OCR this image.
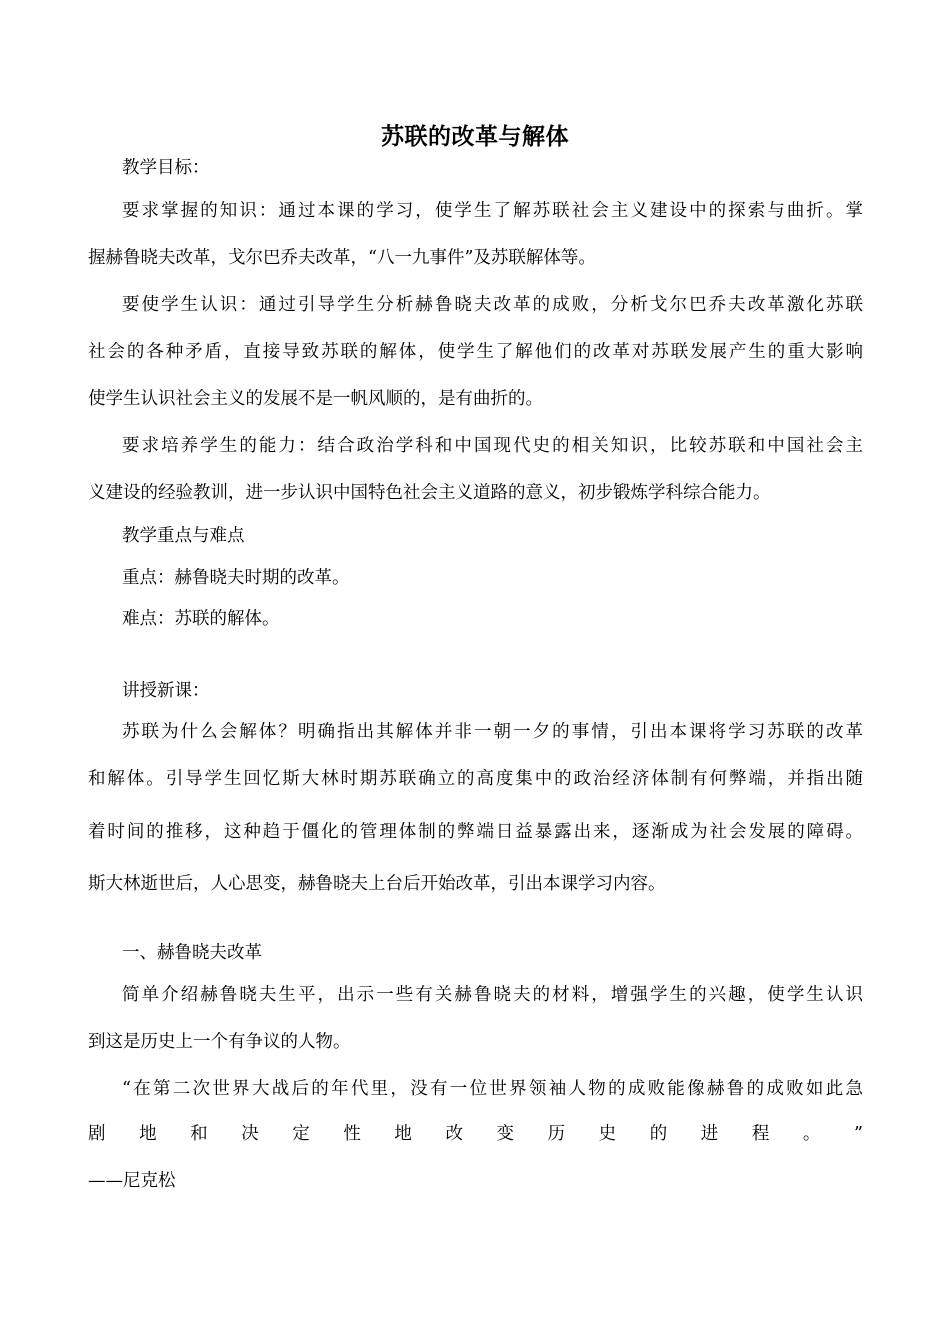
苏联的改革与解体
教学目标：
要求掌握的知识：通过本课的学习，使学生了解苏联社会主义建设中的探索与曲折。掌
握赫鲁晓夫改革，戈尔巴乔夫改革，“八一九事件”及苏联解体等。
要使学生认识：通过引导学生分析赫鲁晓夫改革的成败，分析戈尔巴乔夫改革激化苏联
社会的各种矛盾，直接导致苏联的解体，使学生了解他们的改革对苏联发展产生的重大影响
使学生认识社会主义的发展不是一帆风顺的，是有曲折的。
要求培养学生的能力：结合政治学科和中国现代史的相关知识，比较苏联和中国社会主
义建设的经验教训，进一步认识中国特色社会主义道路的意义，初步锻炼学科综合能力。
教学重点与难点
重点：赫鲁晓夫时期的改革。
难点：苏联的解体。
讲授新课：
苏联为什么会解体？明确指出其解体并非一朝一夕的事情，引出本课将学习苏联的改革
和解体。引导学生回忆斯大林时期苏联确立的高度集中的政治经济体制有何弊端，并指出随
着时间的推移，这种趋于僵化的管理体制的弊端日益暴露出来，逐渐成为社会发展的障碍。
斯大林逝世后，人心思变，赫鲁晓夫上台后开始改革，引出本课学习内容。
一、赫鲁晓夫改革
简单介绍赫鲁晓夫生平，出示一些有关赫鲁晓夫的材料，增强学生的兴趣，使学生认识
到这是历史上一个有争议的人物。
“在第二次世界大战后的年代里，没有一位世界领袖人物的成败能像赫鲁的成败如此急
剧 地 和 决 定 性 地 改 变 历 史 的 进 程 。 ”
——尼克松
